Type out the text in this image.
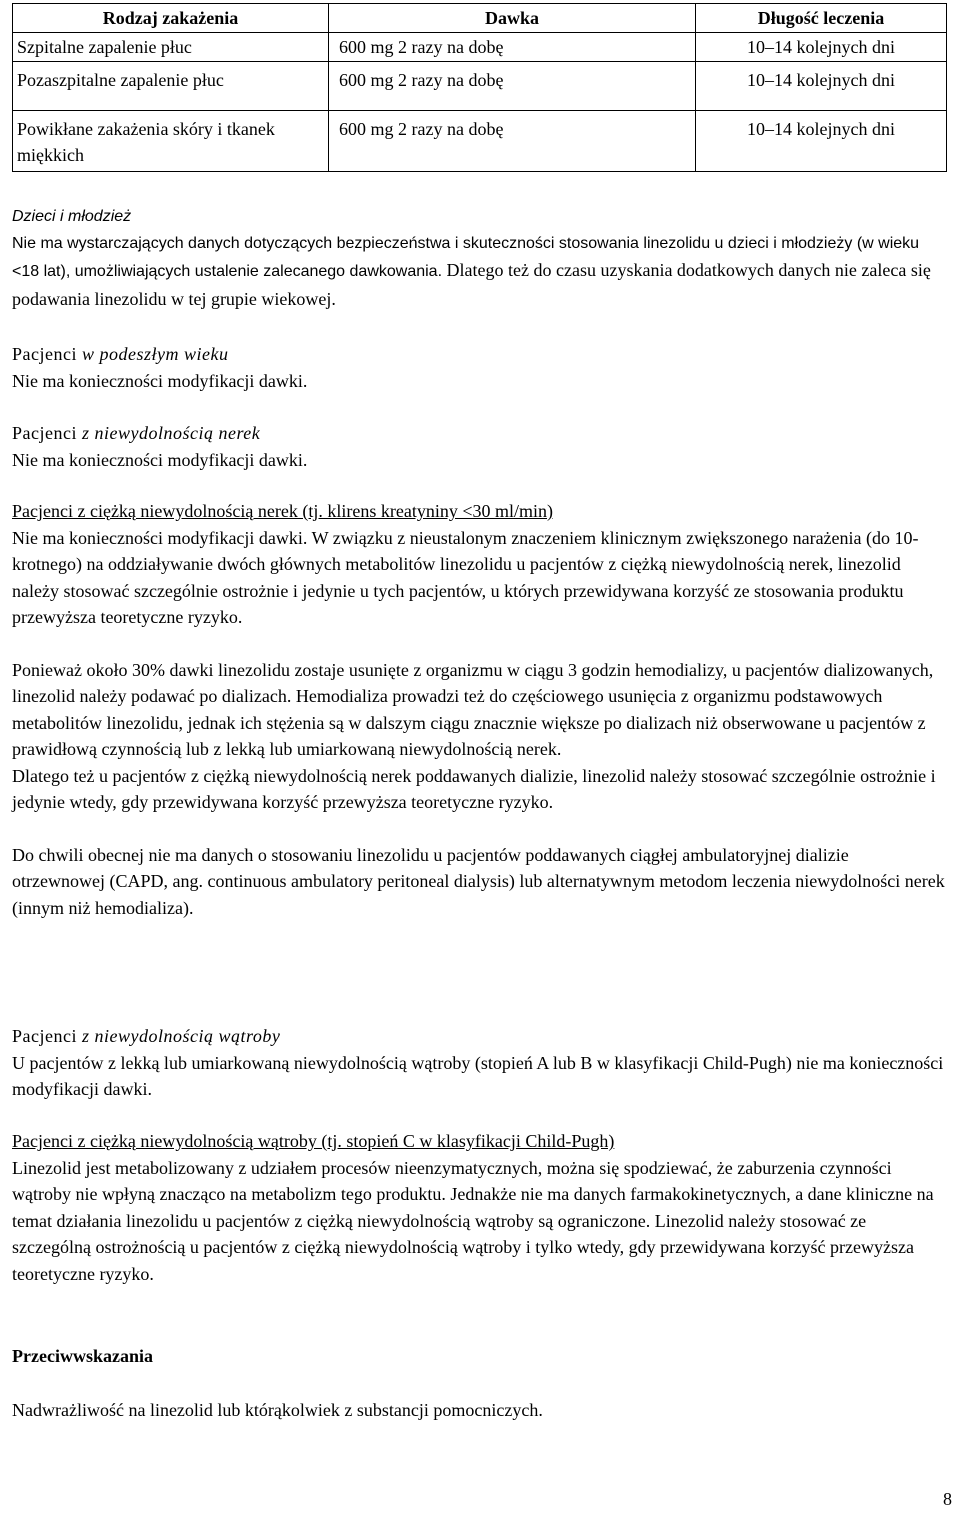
Rodzaj zakażenia	Dawka	Długość leczenia
Szpitalne zapalenie płuc	600 mg 2 razy na dobę	10–14 kolejnych dni
Pozaszpitalne zapalenie płuc	600 mg 2 razy na dobę	10–14 kolejnych dni
Powikłane zakażenia skóry i tkanek miękkich	600 mg 2 razy na dobę	10–14 kolejnych dni

Dzieci i młodzież

Nie ma wystarczających danych dotyczących bezpieczeństwa i skuteczności stosowania linezolidu u dzieci i młodzieży (w wieku <18 lat), umożliwiających ustalenie zalecanego dawkowania. Dlatego też do czasu uzyskania dodatkowych danych nie zaleca się podawania linezolidu w tej grupie wiekowej.

Pacjenci w podeszłym wieku

Nie ma konieczności modyfikacji dawki.

Pacjenci z niewydolnością nerek

Nie ma konieczności modyfikacji dawki.

Pacjenci z ciężką niewydolnością nerek (tj. klirens kreatyniny <30 ml/min)

Nie ma konieczności modyfikacji dawki. W związku z nieustalonym znaczeniem klinicznym zwiększonego narażenia (do 10-krotnego) na oddziaływanie dwóch głównych metabolitów linezolidu u pacjentów z ciężką niewydolnością nerek, linezolid należy stosować szczególnie ostrożnie i jedynie u tych pacjentów, u których przewidywana korzyść ze stosowania produktu przewyższa teoretyczne ryzyko.

Ponieważ około 30% dawki linezolidu zostaje usunięte z organizmu w ciągu 3 godzin hemodializy, u pacjentów dializowanych, linezolid należy podawać po dializach. Hemodializa prowadzi też do częściowego usunięcia z organizmu podstawowych metabolitów linezolidu, jednak ich stężenia są w dalszym ciągu znacznie większe po dializach niż obserwowane u pacjentów z prawidłową czynnością lub z lekką lub umiarkowaną niewydolnością nerek.

Dlatego też u pacjentów z ciężką niewydolnością nerek poddawanych dializie, linezolid należy stosować szczególnie ostrożnie i jedynie wtedy, gdy przewidywana korzyść przewyższa teoretyczne ryzyko.

Do chwili obecnej nie ma danych o stosowaniu linezolidu u pacjentów poddawanych ciągłej ambulatoryjnej dializie otrzewnowej (CAPD, ang. continuous ambulatory peritoneal dialysis) lub alternatywnym metodom leczenia niewydolności nerek (innym niż hemodializa).

Pacjenci z niewydolnością wątroby

U pacjentów z lekką lub umiarkowaną niewydolnością wątroby (stopień A lub B w klasyfikacji Child-Pugh) nie ma konieczności modyfikacji dawki.

Pacjenci z ciężką niewydolnością wątroby (tj. stopień C w klasyfikacji Child-Pugh)

Linezolid jest metabolizowany z udziałem procesów nieenzymatycznych, można się spodziewać, że zaburzenia czynności wątroby nie wpłyną znacząco na metabolizm tego produktu. Jednakże nie ma danych farmakokinetycznych, a dane kliniczne na temat działania linezolidu u pacjentów z ciężką niewydolnością wątroby są ograniczone. Linezolid należy stosować ze szczególną ostrożnością u pacjentów z ciężką niewydolnością wątroby i tylko wtedy, gdy przewidywana korzyść przewyższa teoretyczne ryzyko.

Przeciwwskazania

Nadwrażliwość na linezolid lub którąkolwiek z substancji pomocniczych.

8
